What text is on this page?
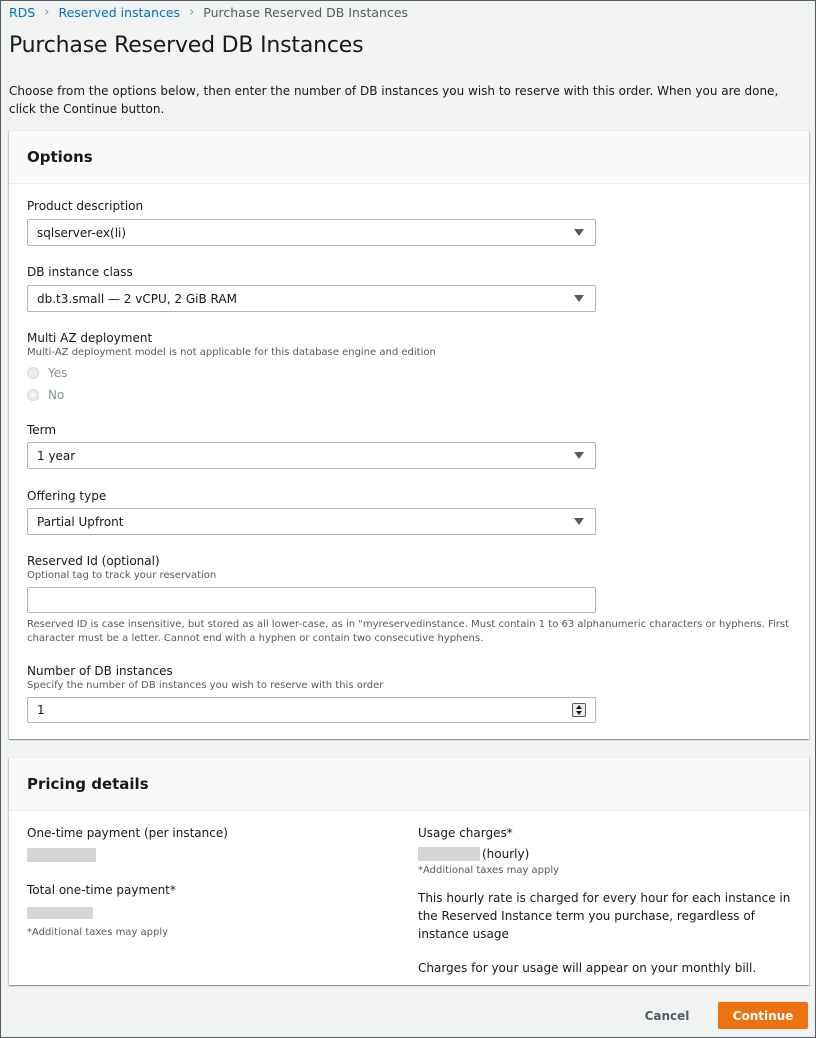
RDS › Reserved instances › Purchase Reserved DB Instances
Purchase Reserved DB Instances

Choose from the options below, then enter the number of DB instances you wish to reserve with this order. When you are done, click the Continue button.

Options
Product description
sqlserver-ex(li)
DB instance class
db.t3.small — 2 vCPU, 2 GiB RAM
Multi AZ deployment
Multi-AZ deployment model is not applicable for this database engine and edition
Yes
No
Term
1 year
Offering type
Partial Upfront
Reserved Id (optional)
Optional tag to track your reservation
Reserved ID is case insensitive, but stored as all lower-case, as in "myreservedinstance. Must contain 1 to 63 alphanumeric characters or hyphens. First character must be a letter. Cannot end with a hyphen or contain two consecutive hyphens.
Number of DB instances
Specify the number of DB instances you wish to reserve with this order
1
Pricing details
One-time payment (per instance)
Total one-time payment*
*Additional taxes may apply
Usage charges*
(hourly)
*Additional taxes may apply
This hourly rate is charged for every hour for each instance in the Reserved Instance term you purchase, regardless of instance usage
Charges for your usage will appear on your monthly bill.
Cancel	Continue
